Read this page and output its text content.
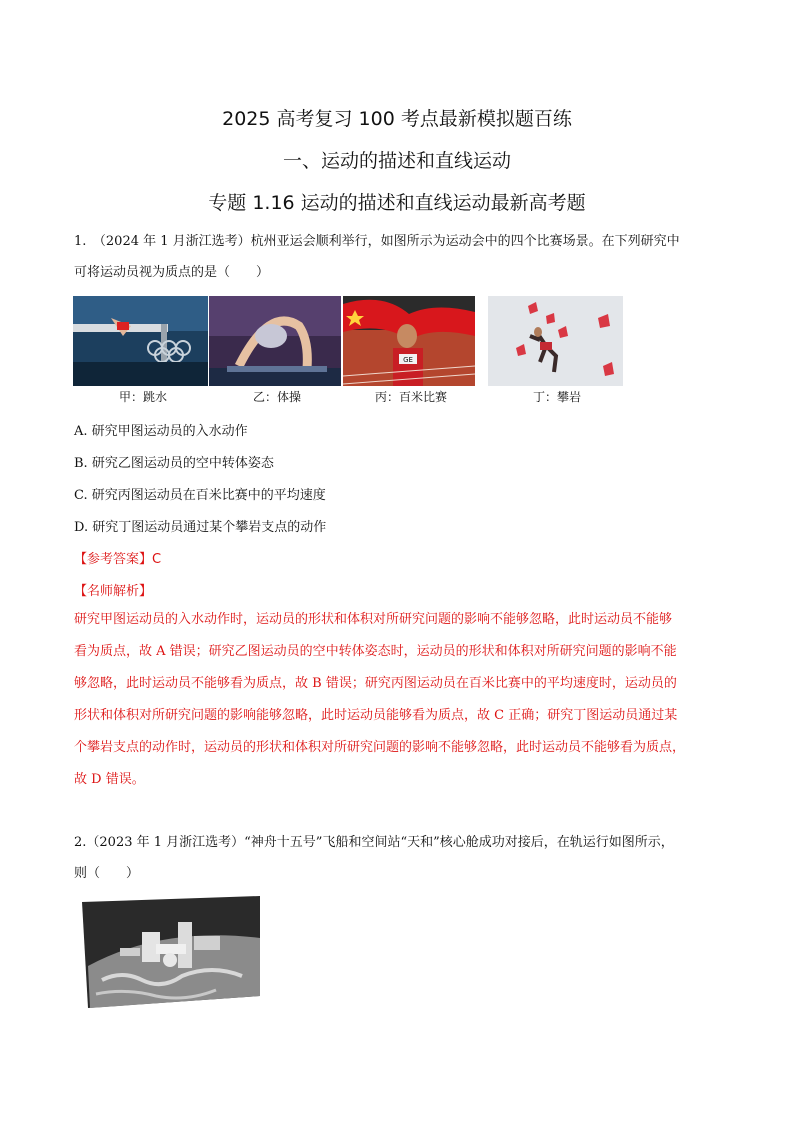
2025 高考复习 100 考点最新模拟题百练
一、运动的描述和直线运动
专题 1.16 运动的描述和直线运动最新高考题
1.　（2024 年 1 月浙江选考）杭州亚运会顺利举行，如图所示为运动会中的四个比赛场景。在下列研究中
可将运动员视为质点的是（　　）
GE
甲：跳水	乙：体操	丙：百米比赛	丁：攀岩
A. 研究甲图运动员的入水动作
B. 研究乙图运动员的空中转体姿态
C. 研究丙图运动员在百米比赛中的平均速度
D. 研究丁图运动员通过某个攀岩支点的动作
【参考答案】C
【名师解析】
研究甲图运动员的入水动作时，运动员的形状和体积对所研究问题的影响不能够忽略，此时运动员不能够
看为质点，故 A 错误；研究乙图运动员的空中转体姿态时，运动员的形状和体积对所研究问题的影响不能
够忽略，此时运动员不能够看为质点，故 B 错误；研究丙图运动员在百米比赛中的平均速度时，运动员的
形状和体积对所研究问题的影响能够忽略，此时运动员能够看为质点，故 C 正确；研究丁图运动员通过某
个攀岩支点的动作时，运动员的形状和体积对所研究问题的影响不能够忽略，此时运动员不能够看为质点，
故 D 错误。
2.（2023 年 1 月浙江选考）“神舟十五号”飞船和空间站“天和”核心舱成功对接后，在轨运行如图所示，
则（　　）
